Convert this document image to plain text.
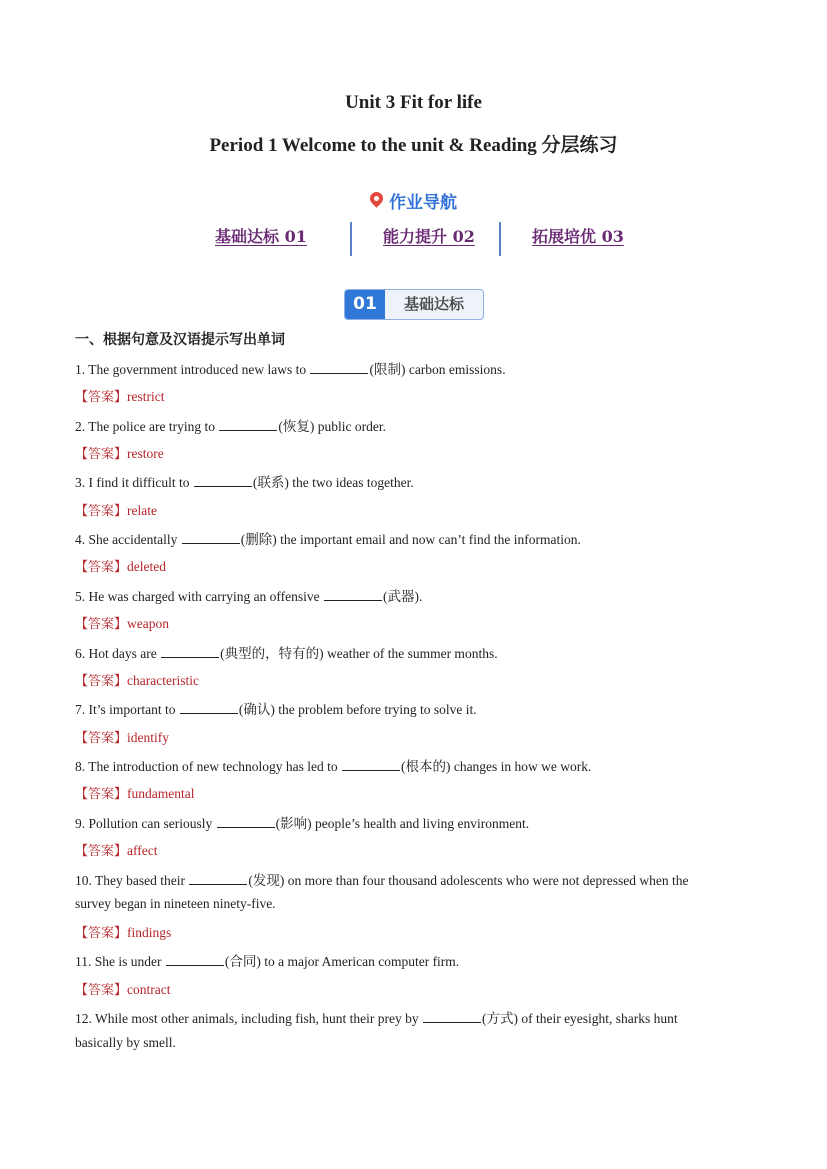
Unit 3 Fit for life
Period 1 Welcome to the unit & Reading 分层练习
作业导航
基础达标 01	能力提升 02	拓展培优 03
01	基础达标
一、根据句意及汉语提示写出单词
1. The government introduced new laws to	(限制) carbon emissions.
【答案】restrict
2. The police are trying to	(恢复) public order.
【答案】restore
3. I find it difficult to	(联系) the two ideas together.
【答案】relate
4. She accidentally	(删除) the important email and now can’t find the information.
【答案】deleted
5. He was charged with carrying an offensive	(武器).
【答案】weapon
6. Hot days are	(典型的，特有的) weather of the summer months.
【答案】characteristic
7. It’s important to	(确认) the problem before trying to solve it.
【答案】identify
8. The introduction of new technology has led to	(根本的) changes in how we work.
【答案】fundamental
9. Pollution can seriously	(影响) people’s health and living environment.
【答案】affect
10. They based their	(发现) on more than four thousand adolescents who were not depressed when the
survey began in nineteen ninety-five.
【答案】findings
11. She is under	(合同) to a major American computer firm.
【答案】contract
12. While most other animals, including fish, hunt their prey by	(方式) of their eyesight, sharks hunt
basically by smell.
